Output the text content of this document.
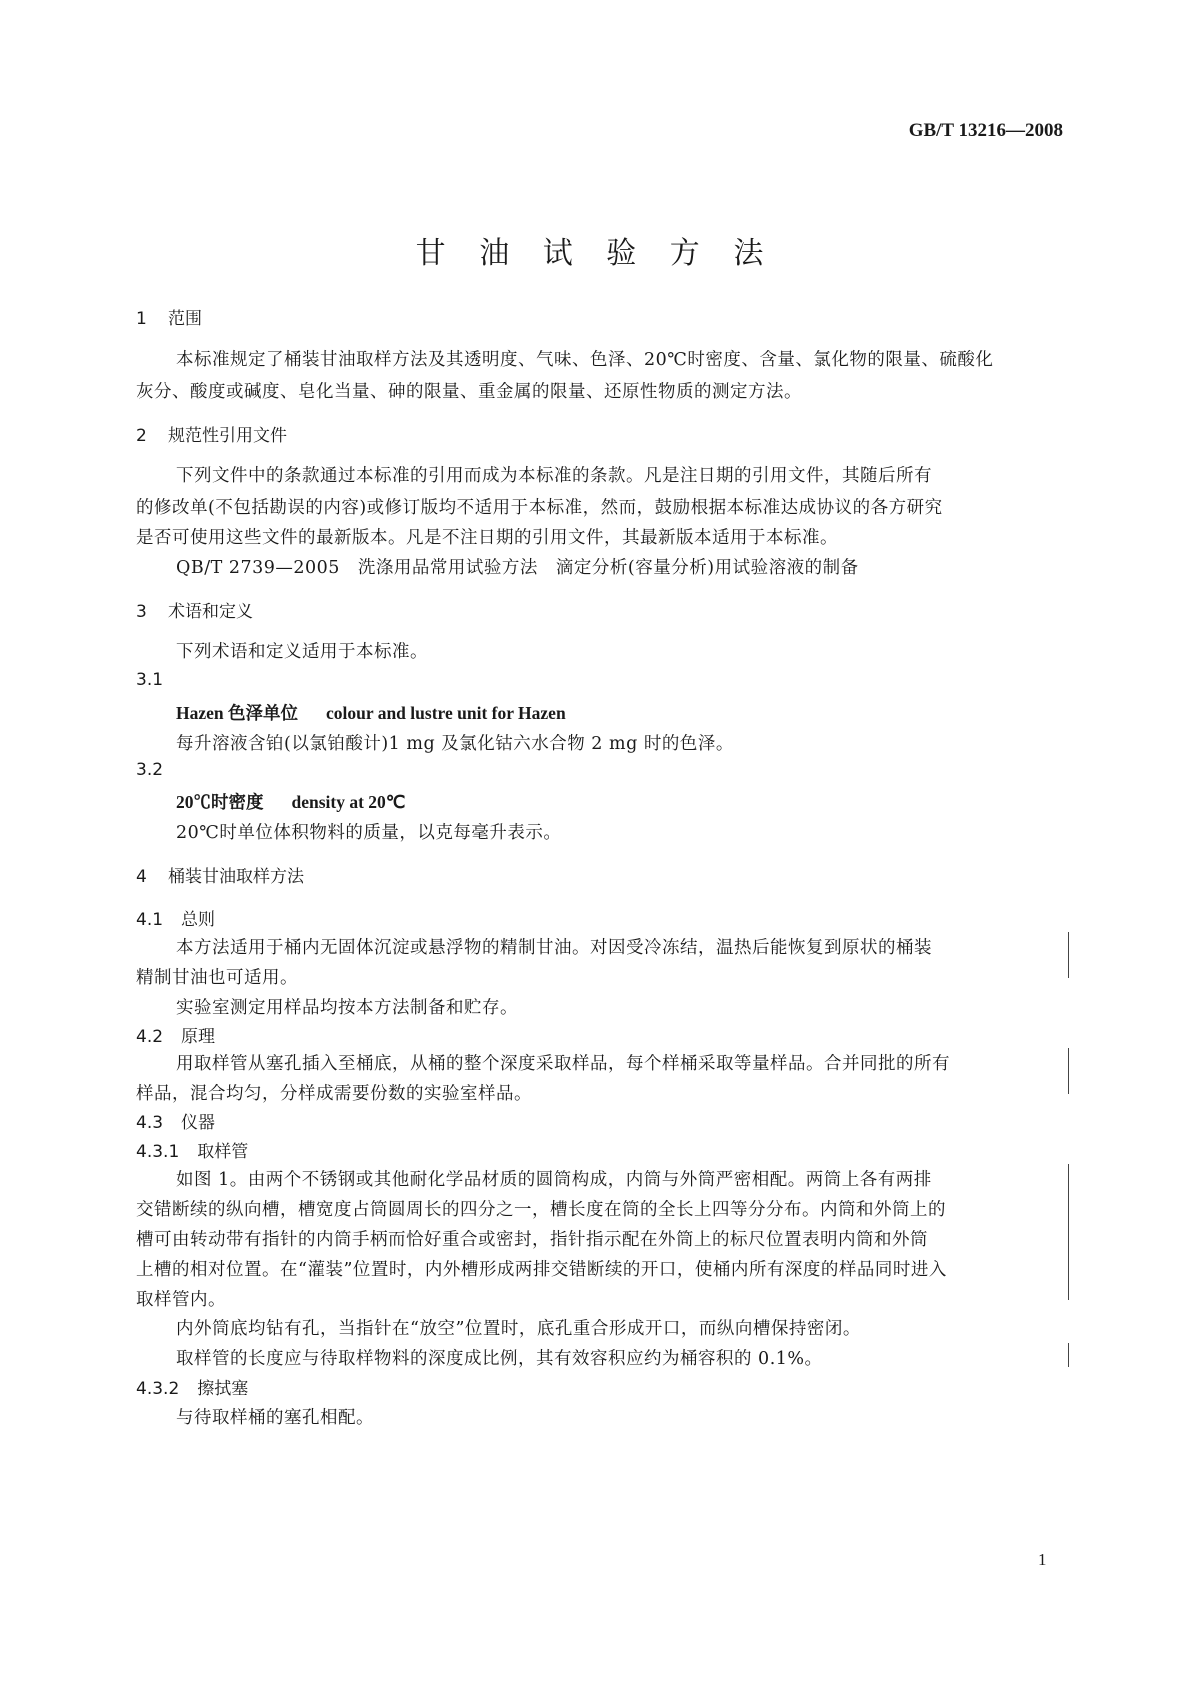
GB/T 13216—2008
甘 油 试 验 方 法
1 范围
本标准规定了桶装甘油取样方法及其透明度、气味、色泽、20℃时密度、含量、氯化物的限量、硫酸化
灰分、酸度或碱度、皂化当量、砷的限量、重金属的限量、还原性物质的测定方法。
2 规范性引用文件
下列文件中的条款通过本标准的引用而成为本标准的条款。凡是注日期的引用文件，其随后所有
的修改单(不包括勘误的内容)或修订版均不适用于本标准，然而，鼓励根据本标准达成协议的各方研究
是否可使用这些文件的最新版本。凡是不注日期的引用文件，其最新版本适用于本标准。
QB/T 2739—2005　洗涤用品常用试验方法　滴定分析(容量分析)用试验溶液的制备
3 术语和定义
下列术语和定义适用于本标准。
3.1
Hazen 色泽单位 colour and lustre unit for Hazen
每升溶液含铂(以氯铂酸计)1 mg 及氯化钴六水合物 2 mg 时的色泽。
3.2
20℃时密度 density at 20℃
20℃时单位体积物料的质量，以克每毫升表示。
4 桶装甘油取样方法
4.1 总则
本方法适用于桶内无固体沉淀或悬浮物的精制甘油。对因受冷冻结，温热后能恢复到原状的桶装
精制甘油也可适用。
实验室测定用样品均按本方法制备和贮存。
4.2 原理
用取样管从塞孔插入至桶底，从桶的整个深度采取样品，每个样桶采取等量样品。合并同批的所有
样品，混合均匀，分样成需要份数的实验室样品。
4.3 仪器
4.3.1 取样管
如图 1。由两个不锈钢或其他耐化学品材质的圆筒构成，内筒与外筒严密相配。两筒上各有两排
交错断续的纵向槽，槽宽度占筒圆周长的四分之一，槽长度在筒的全长上四等分分布。内筒和外筒上的
槽可由转动带有指针的内筒手柄而恰好重合或密封，指针指示配在外筒上的标尺位置表明内筒和外筒
上槽的相对位置。在“灌装”位置时，内外槽形成两排交错断续的开口，使桶内所有深度的样品同时进入
取样管内。
内外筒底均钻有孔，当指针在“放空”位置时，底孔重合形成开口，而纵向槽保持密闭。
取样管的长度应与待取样物料的深度成比例，其有效容积应约为桶容积的 0.1%。
4.3.2 擦拭塞
与待取样桶的塞孔相配。
1
